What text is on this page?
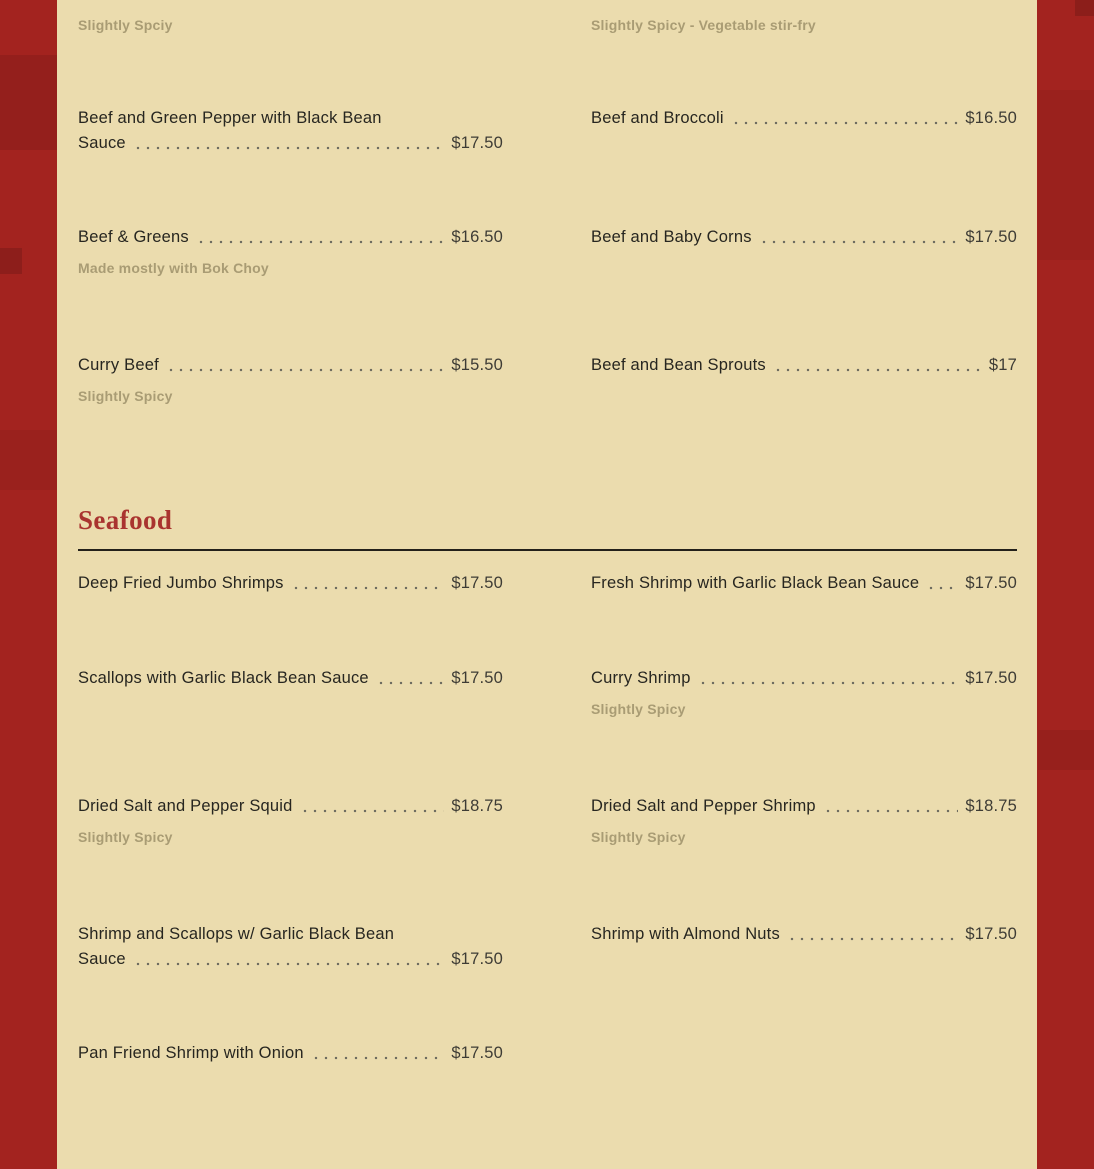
Slightly Spciy	Slightly Spicy - Vegetable stir-fry
Beef and Green Pepper with Black Bean
Sauce	$17.50
Beef and Broccoli	$16.50
Beef & Greens	$16.50
Made mostly with Bok Choy
Beef and Baby Corns	$17.50
Curry Beef	$15.50
Slightly Spicy
Beef and Bean Sprouts	$17
Seafood
Deep Fried Jumbo Shrimps	$17.50	Fresh Shrimp with Garlic Black Bean Sauce	$17.50
Scallops with Garlic Black Bean Sauce	$17.50	Curry Shrimp	$17.50
Slightly Spicy
Dried Salt and Pepper Squid	$18.75
Slightly Spicy
Dried Salt and Pepper Shrimp	$18.75
Slightly Spicy
Shrimp and Scallops w/ Garlic Black Bean
Sauce	$17.50
Shrimp with Almond Nuts	$17.50
Pan Friend Shrimp with Onion	$17.50
